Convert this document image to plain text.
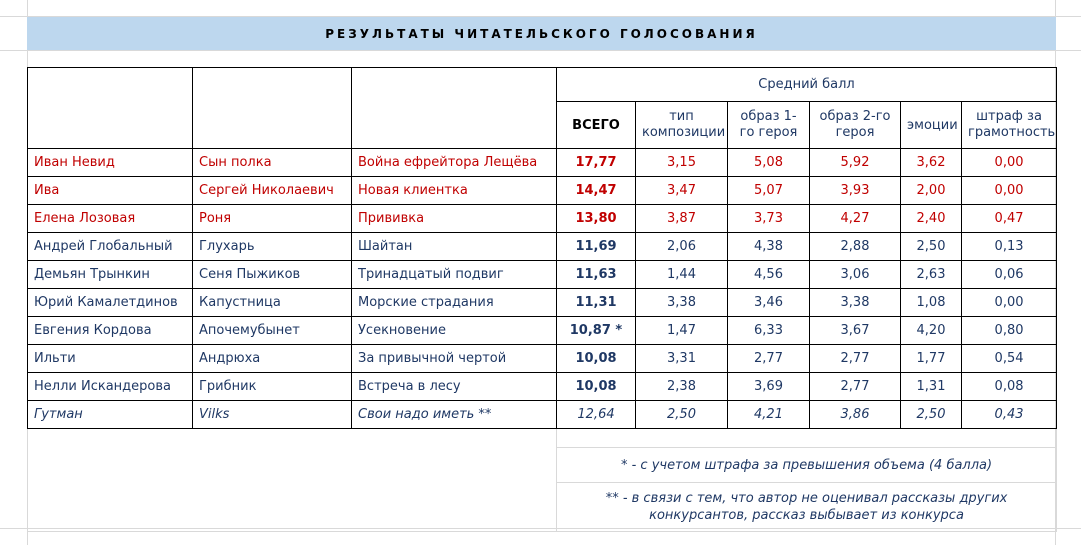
РЕЗУЛЬТАТЫ ЧИТАТЕЛЬСКОГО ГОЛОСОВАНИЯ
			Средний балл					
			ВСЕГО	тип композиции	образ 1-го героя	образ 2-го героя	эмоции	штраф за грамотность
Иван Невид	Сын полка	Война ефрейтора Лещёва	17,77	3,15	5,08	5,92	3,62	0,00
Ива	Сергей Николаевич	Новая клиентка	14,47	3,47	5,07	3,93	2,00	0,00
Елена Лозовая	Роня	Прививка	13,80	3,87	3,73	4,27	2,40	0,47
Андрей Глобальный	Глухарь	Шайтан	11,69	2,06	4,38	2,88	2,50	0,13
Демьян Трынкин	Сеня Пыжиков	Тринадцатый подвиг	11,63	1,44	4,56	3,06	2,63	0,06
Юрий Камалетдинов	Капустница	Морские страдания	11,31	3,38	3,46	3,38	1,08	0,00
Евгения Кордова	Апочемубынет	Усекновение	10,87 *	1,47	6,33	3,67	4,20	0,80
Ильти	Андрюха	За привычной чертой	10,08	3,31	2,77	2,77	1,77	0,54
Нелли Искандерова	Грибник	Встреча в лесу	10,08	2,38	3,69	2,77	1,31	0,08
Гутман	Vilks	Свои надо иметь **	12,64	2,50	4,21	3,86	2,50	0,43

			* - с учетом штрафа за превышения объема (4 балла)					
			** - в связи с тем, что автор не оценивал рассказы других конкурсантов, рассказ выбывает из конкурса					
